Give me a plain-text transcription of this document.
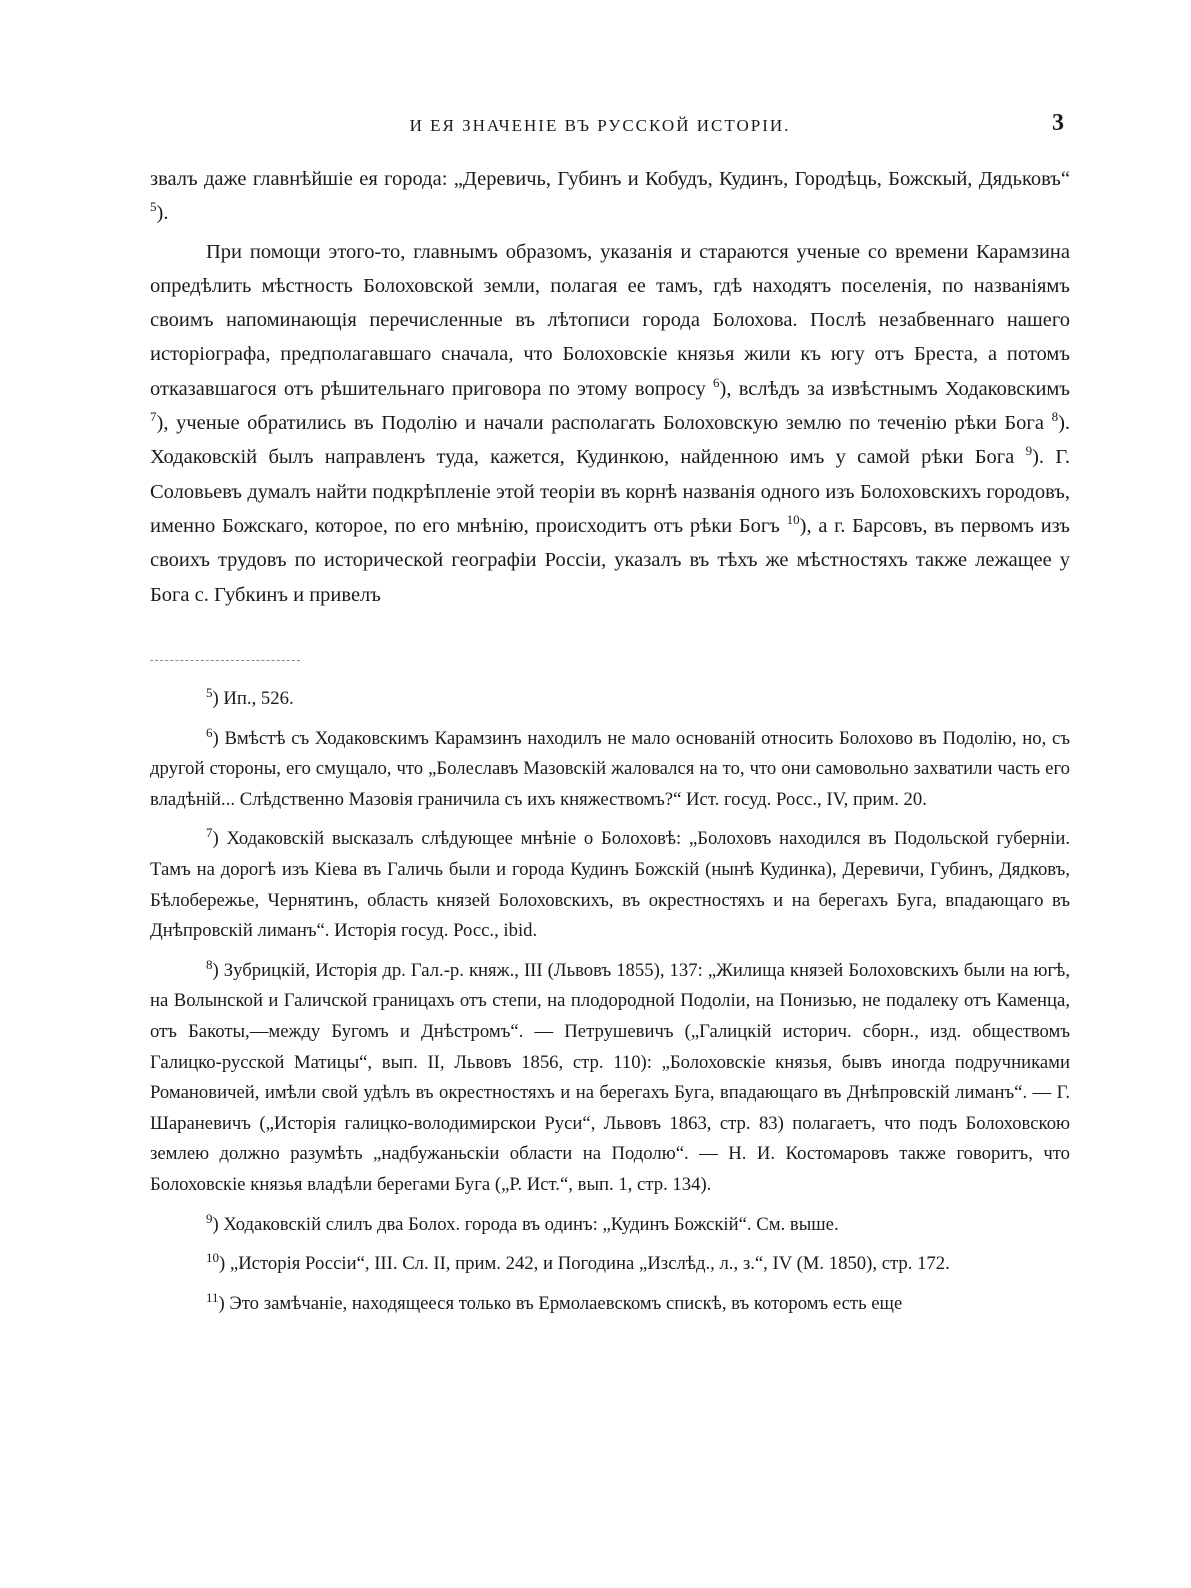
И ЕЯ ЗНАЧЕНІЕ ВЪ РУССКОЙ ИСТОРІИ.	3

звалъ даже главнѣйшіе ея города: „Деревичь, Губинъ и Кобудъ, Кудинъ, Городѣць, Божскый, Дядьковъ“ $^5$).

При помощи этого-то, главнымъ образомъ, указанія и стараются ученые со времени Карамзина опредѣлить мѣстность Болоховской земли, полагая ее тамъ, гдѣ находятъ поселенія, по названіямъ своимъ напоминающія перечисленные въ лѣтописи города Болохова. Послѣ незабвеннаго нашего исторіографа, предполагавшаго сначала, что Болоховскіе князья жили къ югу отъ Бреста, а потомъ отказавшагося отъ рѣшительнаго приговора по этому вопросу $^6$), вслѣдъ за извѣстнымъ Ходаковскимъ $^7$), ученые обратились въ Подолію и начали располагать Болоховскую землю по теченію рѣки Бога $^8$). Ходаковскій былъ направленъ туда, кажется, Кудинкою, найденною имъ у самой рѣки Бога $^9$). Г. Соловьевъ думалъ найти подкрѣпленіе этой теоріи въ корнѣ названія одного изъ Болоховскихъ городовъ, именно Божскаго, которое, по его мнѣнію, происходитъ отъ рѣки Богъ $^{10}$), а г. Барсовъ, въ первомъ изъ своихъ трудовъ по исторической географіи Россіи, указалъ въ тѣхъ же мѣстностяхъ также лежащее у Бога с. Губкинъ и привелъ

$^5$) Ип., 526.

$^6$) Вмѣстѣ съ Ходаковскимъ Карамзинъ находилъ не мало основаній относить Болохово въ Подолію, но, съ другой стороны, его смущало, что „Болеславъ Мазовскій жаловался на то, что они самовольно захватили часть его владѣній... Слѣдственно Мазовія граничила съ ихъ княжествомъ?“ Ист. госуд. Росс., IV, прим. 20.

$^7$) Ходаковскій высказалъ слѣдующее мнѣніе о Болоховѣ: „Болоховъ находился въ Подольской губерніи. Тамъ на дорогѣ изъ Кіева въ Галичь были и города Кудинъ Божскій (нынѣ Кудинка), Деревичи, Губинъ, Дядковъ, Бѣлобережье, Чернятинъ, область князей Болоховскихъ, въ окрестностяхъ и на берегахъ Буга, впадающаго въ Днѣпровскій лиманъ“. Исторія госуд. Росс., ibid.

$^8$) Зубрицкій, Исторія др. Гал.-р. княж., III (Львовъ 1855), 137: „Жилища князей Болоховскихъ были на югѣ, на Волынской и Галичской границахъ отъ степи, на плодородной Подоліи, на Понизью, не подалеку отъ Каменца, отъ Бакоты,—между Бугомъ и Днѣстромъ“. — Петрушевичъ („Галицкій историч. сборн., изд. обществомъ Галицко-русской Матицы“, вып. II, Львовъ 1856, стр. 110): „Болоховскіе князья, бывъ иногда подручниками Романовичей, имѣли свой удѣлъ въ окрестностяхъ и на берегахъ Буга, впадающаго въ Днѣпровскій лиманъ“. — Г. Шараневичъ („Исторія галицко-володимирскои Руси“, Львовъ 1863, стр. 83) полагаетъ, что подъ Болоховскою землею должно разумѣть „надбужаньскіи области на Подолю“. — Н. И. Костомаровъ также говоритъ, что Болоховскіе князья владѣли берегами Буга („Р. Ист.“, вып. 1, стр. 134).

$^9$) Ходаковскій слилъ два Болох. города въ одинъ: „Кудинъ Божскій“. См. выше.

$^{10}$) „Исторія Россіи“, III. Сл. II, прим. 242, и Погодина „Изслѣд., л., з.“, IV (М. 1850), стр. 172.

$^{11}$) Это замѣчаніе, находящееся только въ Ермолаевскомъ спискѣ, въ которомъ есть еще
